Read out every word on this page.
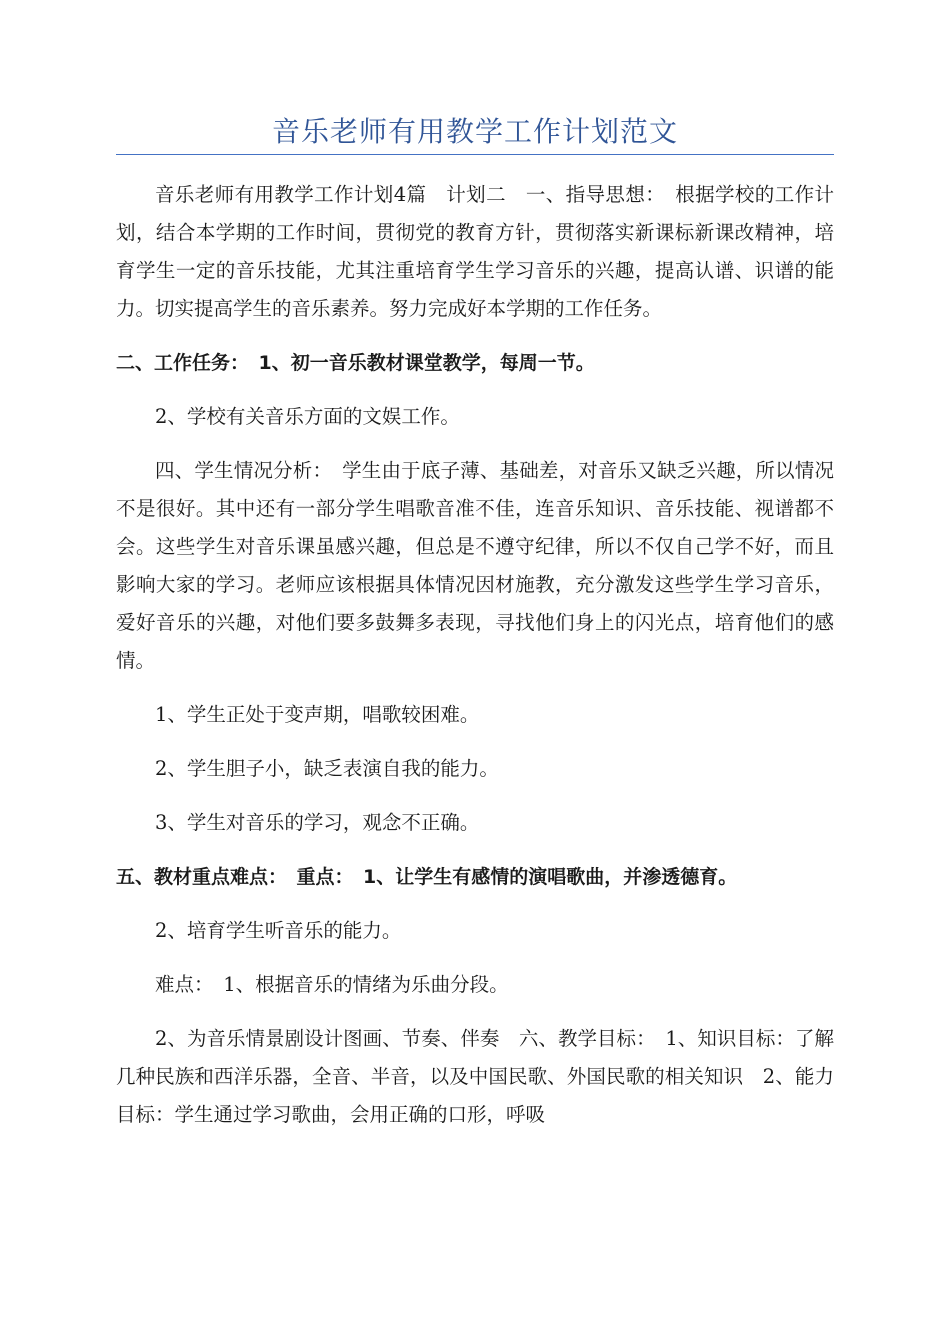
音乐老师有用教学工作计划范文

音乐老师有用教学工作计划4篇　计划二　一、指导思想：　根据学校的工作计划，结合本学期的工作时间，贯彻党的教育方针，贯彻落实新课标新课改精神，培育学生一定的音乐技能，尤其注重培育学生学习音乐的兴趣，提高认谱、识谱的能力。切实提高学生的音乐素养。努力完成好本学期的工作任务。

二、工作任务：　1、初一音乐教材课堂教学，每周一节。

2、学校有关音乐方面的文娱工作。

四、学生情况分析：　学生由于底子薄、基础差，对音乐又缺乏兴趣，所以情况不是很好。其中还有一部分学生唱歌音准不佳，连音乐知识、音乐技能、视谱都不会。这些学生对音乐课虽感兴趣，但总是不遵守纪律，所以不仅自己学不好，而且影响大家的学习。老师应该根据具体情况因材施教，充分激发这些学生学习音乐，爱好音乐的兴趣，对他们要多鼓舞多表现，寻找他们身上的闪光点，培育他们的感情。

1、学生正处于变声期，唱歌较困难。

2、学生胆子小，缺乏表演自我的能力。

3、学生对音乐的学习，观念不正确。

五、教材重点难点：　重点：　1、让学生有感情的演唱歌曲，并渗透德育。

2、培育学生听音乐的能力。

难点：　1、根据音乐的情绪为乐曲分段。

2、为音乐情景剧设计图画、节奏、伴奏　六、教学目标：　1、知识目标：了解几种民族和西洋乐器，全音、半音，以及中国民歌、外国民歌的相关知识　2、能力目标：学生通过学习歌曲，会用正确的口形，呼吸
